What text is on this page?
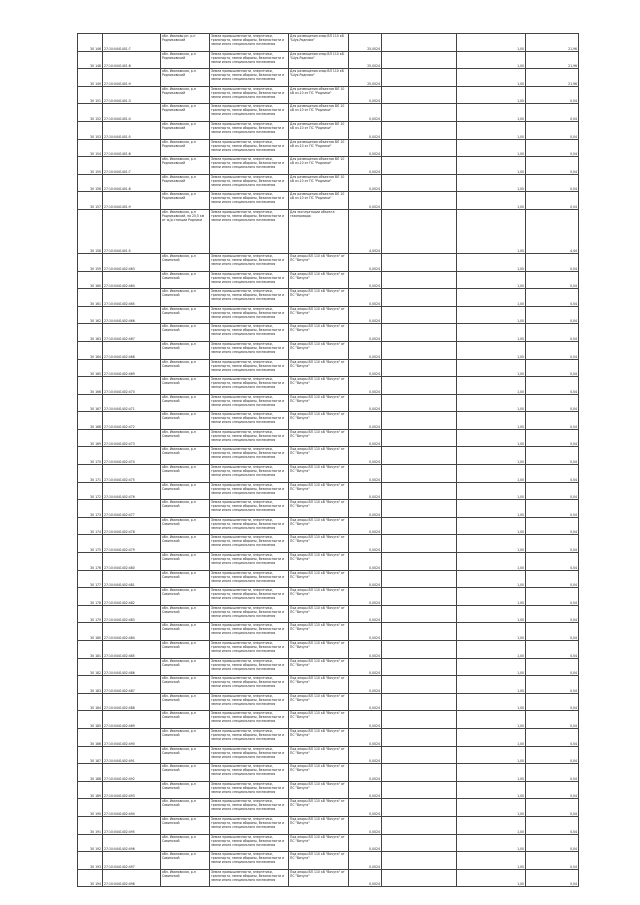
30 146	27:10:0441401:7	обл. Иваново рн. р-н Родниковский	Земли промышленности, энергетики, транспорта, земли обороны, безопасности и земли иного специального назначения	Для размещения опор ВЛ 110 кВ "Шуя-Родники"	25,0024		1,00	21,96
30 148	27:10:0441401:8	обл. Ивановская, р-н Родниковский	Земли промышленности, энергетики, транспорта, земли обороны, безопасности и земли иного специального назначения	Для размещения опор ВЛ 110 кВ "Шуя-Родники"	25,0024		1,00	21,96
30 149	27:10:0441401:9	обл. Ивановская, р-н Родниковский	Земли промышленности, энергетики, транспорта, земли обороны, безопасности и земли иного специального назначения	Для размещения опор ВЛ 110 кВ "Шуя-Родники"	25,0024		1,00	21,96
30 151	27:10:0441401:3	обл. Ивановская, р-н Родниковский	Земли промышленности, энергетики, транспорта, земли обороны, безопасности и земли иного специального назначения	Для размещения объектов ВЛ 10 кВ яч.10 от ПС "Родники"	0,0024		1,00	0,04
30 152	27:10:0441401:4	обл. Ивановская, р-н Родниковский	Земли промышленности, энергетики, транспорта, земли обороны, безопасности и земли иного специального назначения	Для размещения объектов ВЛ 10 кВ яч.10 от ПС "Родники"	0,0024		1,00	0,04
30 153	27:10:0441401:5	обл. Ивановская, р-н Родниковский	Земли промышленности, энергетики, транспорта, земли обороны, безопасности и земли иного специального назначения	Для размещения объектов ВЛ 10 кВ яч.10 от ПС "Родники"	0,0024		1,00	0,04
30 154	27:10:0441401:6	обл. Ивановская, р-н Родниковский	Земли промышленности, энергетики, транспорта, земли обороны, безопасности и земли иного специального назначения	Для размещения объектов ВЛ 10 кВ яч.10 от ПС "Родники"	0,0024		1,00	0,04
30 155	27:10:0441401:7	обл. Ивановская, р-н Родниковский	Земли промышленности, энергетики, транспорта, земли обороны, безопасности и земли иного специального назначения	Для размещения объектов ВЛ 10 кВ яч.10 от ПС "Родники"	0,0024		1,00	0,04
30 156	27:10:0441401:8	обл. Ивановская, р-н Родниковский	Земли промышленности, энергетики, транспорта, земли обороны, безопасности и земли иного специального назначения	Для размещения объектов ВЛ 10 кВ яч.10 от ПС "Родники"	0,0024		1,00	0,04
30 157	27:10:0441401:9	обл. Ивановская, р-н Родниковский	Земли промышленности, энергетики, транспорта, земли обороны, безопасности и земли иного специального назначения	Для размещения объектов ВЛ 10 кВ яч.10 от ПС "Родники"	0,0024		1,00	0,04
30 158	27:10:0441401:5	обл. Ивановская, р-н Родниковский, на 20,5 км от ж/д станции Родники	Земли промышленности, энергетики, транспорта, земли обороны, безопасности и земли иного специального назначения	Для эксплуатации объекта газопровода	4,0024		1,00	4,44
30 159	27:10:0441402:463	обл. Ивановская, р-н Савинский	Земли промышленности, энергетики, транспорта, земли обороны, безопасности и земли иного специального назначения	Под опоры ВЛ 110 кВ "Вичуга" от ПС "Вичуга"	0,0024		1,00	0,04
30 160	27:10:0441402:464	обл. Ивановская, р-н Савинский	Земли промышленности, энергетики, транспорта, земли обороны, безопасности и земли иного специального назначения	Под опоры ВЛ 110 кВ "Вичуга" от ПС "Вичуга"	0,0024		1,00	0,04
30 161	27:10:0441402:465	обл. Ивановская, р-н Савинский	Земли промышленности, энергетики, транспорта, земли обороны, безопасности и земли иного специального назначения	Под опоры ВЛ 110 кВ "Вичуга" от ПС "Вичуга"	0,0024		1,00	0,04
30 162	27:10:0441402:466	обл. Ивановская, р-н Савинский	Земли промышленности, энергетики, транспорта, земли обороны, безопасности и земли иного специального назначения	Под опоры ВЛ 110 кВ "Вичуга" от ПС "Вичуга"	0,0024		1,00	0,04
30 163	27:10:0441402:467	обл. Ивановская, р-н Савинский	Земли промышленности, энергетики, транспорта, земли обороны, безопасности и земли иного специального назначения	Под опоры ВЛ 110 кВ "Вичуга" от ПС "Вичуга"	0,0024		1,00	0,04
30 164	27:10:0441402:468	обл. Ивановская, р-н Савинский	Земли промышленности, энергетики, транспорта, земли обороны, безопасности и земли иного специального назначения	Под опоры ВЛ 110 кВ "Вичуга" от ПС "Вичуга"	0,0024		1,00	0,04
30 165	27:10:0441402:469	обл. Ивановская, р-н Савинский	Земли промышленности, энергетики, транспорта, земли обороны, безопасности и земли иного специального назначения	Под опоры ВЛ 110 кВ "Вичуга" от ПС "Вичуга"	0,0024		1,00	0,04
30 166	27:10:0441402:470	обл. Ивановская, р-н Савинский	Земли промышленности, энергетики, транспорта, земли обороны, безопасности и земли иного специального назначения	Под опоры ВЛ 110 кВ "Вичуга" от ПС "Вичуга"	0,0024		1,00	0,04
30 167	27:10:0441402:471	обл. Ивановская, р-н Савинский	Земли промышленности, энергетики, транспорта, земли обороны, безопасности и земли иного специального назначения	Под опоры ВЛ 110 кВ "Вичуга" от ПС "Вичуга"	0,0024		1,00	0,04
30 168	27:10:0441402:472	обл. Ивановская, р-н Савинский	Земли промышленности, энергетики, транспорта, земли обороны, безопасности и земли иного специального назначения	Под опоры ВЛ 110 кВ "Вичуга" от ПС "Вичуга"	0,0024		1,00	0,04
30 169	27:10:0441402:473	обл. Ивановская, р-н Савинский	Земли промышленности, энергетики, транспорта, земли обороны, безопасности и земли иного специального назначения	Под опоры ВЛ 110 кВ "Вичуга" от ПС "Вичуга"	0,0024		1,00	0,04
30 170	27:10:0441402:474	обл. Ивановская, р-н Савинский	Земли промышленности, энергетики, транспорта, земли обороны, безопасности и земли иного специального назначения	Под опоры ВЛ 110 кВ "Вичуга" от ПС "Вичуга"	0,0024		1,00	0,04
30 171	27:10:0441402:475	обл. Ивановская, р-н Савинский	Земли промышленности, энергетики, транспорта, земли обороны, безопасности и земли иного специального назначения	Под опоры ВЛ 110 кВ "Вичуга" от ПС "Вичуга"	0,0024		1,00	0,04
30 172	27:10:0441402:476	обл. Ивановская, р-н Савинский	Земли промышленности, энергетики, транспорта, земли обороны, безопасности и земли иного специального назначения	Под опоры ВЛ 110 кВ "Вичуга" от ПС "Вичуга"	0,0024		1,00	0,04
30 173	27:10:0441402:477	обл. Ивановская, р-н Савинский	Земли промышленности, энергетики, транспорта, земли обороны, безопасности и земли иного специального назначения	Под опоры ВЛ 110 кВ "Вичуга" от ПС "Вичуга"	0,0024		1,00	0,04
30 174	27:10:0441402:478	обл. Ивановская, р-н Савинский	Земли промышленности, энергетики, транспорта, земли обороны, безопасности и земли иного специального назначения	Под опоры ВЛ 110 кВ "Вичуга" от ПС "Вичуга"	0,0024		1,00	0,04
30 175	27:10:0441402:479	обл. Ивановская, р-н Савинский	Земли промышленности, энергетики, транспорта, земли обороны, безопасности и земли иного специального назначения	Под опоры ВЛ 110 кВ "Вичуга" от ПС "Вичуга"	0,0024		1,00	0,04
30 176	27:10:0441402:480	обл. Ивановская, р-н Савинский	Земли промышленности, энергетики, транспорта, земли обороны, безопасности и земли иного специального назначения	Под опоры ВЛ 110 кВ "Вичуга" от ПС "Вичуга"	0,0024		1,00	0,04
30 177	27:10:0441402:481	обл. Ивановская, р-н Савинский	Земли промышленности, энергетики, транспорта, земли обороны, безопасности и земли иного специального назначения	Под опоры ВЛ 110 кВ "Вичуга" от ПС "Вичуга"	0,0024		1,00	0,04
30 178	27:10:0441402:482	обл. Ивановская, р-н Савинский	Земли промышленности, энергетики, транспорта, земли обороны, безопасности и земли иного специального назначения	Под опоры ВЛ 110 кВ "Вичуга" от ПС "Вичуга"	0,0024		1,00	0,04
30 179	27:10:0441402:483	обл. Ивановская, р-н Савинский	Земли промышленности, энергетики, транспорта, земли обороны, безопасности и земли иного специального назначения	Под опоры ВЛ 110 кВ "Вичуга" от ПС "Вичуга"	0,0024		1,00	0,04
30 180	27:10:0441402:484	обл. Ивановская, р-н Савинский	Земли промышленности, энергетики, транспорта, земли обороны, безопасности и земли иного специального назначения	Под опоры ВЛ 110 кВ "Вичуга" от ПС "Вичуга"	0,0024		1,00	0,04
30 181	27:10:0441402:485	обл. Ивановская, р-н Савинский	Земли промышленности, энергетики, транспорта, земли обороны, безопасности и земли иного специального назначения	Под опоры ВЛ 110 кВ "Вичуга" от ПС "Вичуга"	0,0024		1,00	0,04
30 182	27:10:0441402:486	обл. Ивановская, р-н Савинский	Земли промышленности, энергетики, транспорта, земли обороны, безопасности и земли иного специального назначения	Под опоры ВЛ 110 кВ "Вичуга" от ПС "Вичуга"	0,0024		1,00	0,04
30 183	27:10:0441402:487	обл. Ивановская, р-н Савинский	Земли промышленности, энергетики, транспорта, земли обороны, безопасности и земли иного специального назначения	Под опоры ВЛ 110 кВ "Вичуга" от ПС "Вичуга"	0,0024		1,00	0,04
30 184	27:10:0441402:488	обл. Ивановская, р-н Савинский	Земли промышленности, энергетики, транспорта, земли обороны, безопасности и земли иного специального назначения	Под опоры ВЛ 110 кВ "Вичуга" от ПС "Вичуга"	0,0024		1,00	0,04
30 185	27:10:0441402:489	обл. Ивановская, р-н Савинский	Земли промышленности, энергетики, транспорта, земли обороны, безопасности и земли иного специального назначения	Под опоры ВЛ 110 кВ "Вичуга" от ПС "Вичуга"	0,0024		1,00	0,04
30 186	27:10:0441402:490	обл. Ивановская, р-н Савинский	Земли промышленности, энергетики, транспорта, земли обороны, безопасности и земли иного специального назначения	Под опоры ВЛ 110 кВ "Вичуга" от ПС "Вичуга"	0,0024		1,00	0,04
30 187	27:10:0441402:491	обл. Ивановская, р-н Савинский	Земли промышленности, энергетики, транспорта, земли обороны, безопасности и земли иного специального назначения	Под опоры ВЛ 110 кВ "Вичуга" от ПС "Вичуга"	0,0024		1,00	0,04
30 188	27:10:0441402:492	обл. Ивановская, р-н Савинский	Земли промышленности, энергетики, транспорта, земли обороны, безопасности и земли иного специального назначения	Под опоры ВЛ 110 кВ "Вичуга" от ПС "Вичуга"	0,0024		1,00	0,04
30 189	27:10:0441402:493	обл. Ивановская, р-н Савинский	Земли промышленности, энергетики, транспорта, земли обороны, безопасности и земли иного специального назначения	Под опоры ВЛ 110 кВ "Вичуга" от ПС "Вичуга"	0,0024		1,00	0,04
30 190	27:10:0441402:494	обл. Ивановская, р-н Савинский	Земли промышленности, энергетики, транспорта, земли обороны, безопасности и земли иного специального назначения	Под опоры ВЛ 110 кВ "Вичуга" от ПС "Вичуга"	0,0024		1,00	0,04
30 191	27:10:0441402:495	обл. Ивановская, р-н Савинский	Земли промышленности, энергетики, транспорта, земли обороны, безопасности и земли иного специального назначения	Под опоры ВЛ 110 кВ "Вичуга" от ПС "Вичуга"	0,0024		1,00	0,04
30 192	27:10:0441402:496	обл. Ивановская, р-н Савинский	Земли промышленности, энергетики, транспорта, земли обороны, безопасности и земли иного специального назначения	Под опоры ВЛ 110 кВ "Вичуга" от ПС "Вичуга"	0,0024		1,00	0,04
30 193	27:10:0441402:497	обл. Ивановская, р-н Савинский	Земли промышленности, энергетики, транспорта, земли обороны, безопасности и земли иного специального назначения	Под опоры ВЛ 110 кВ "Вичуга" от ПС "Вичуга"	0,0024		1,00	0,04
30 194	27:10:0441402:498	обл. Ивановская, р-н Савинский	Земли промышленности, энергетики, транспорта, земли обороны, безопасности и земли иного специального назначения	Под опоры ВЛ 110 кВ "Вичуга" от ПС "Вичуга"	0,0024		1,00	0,04
